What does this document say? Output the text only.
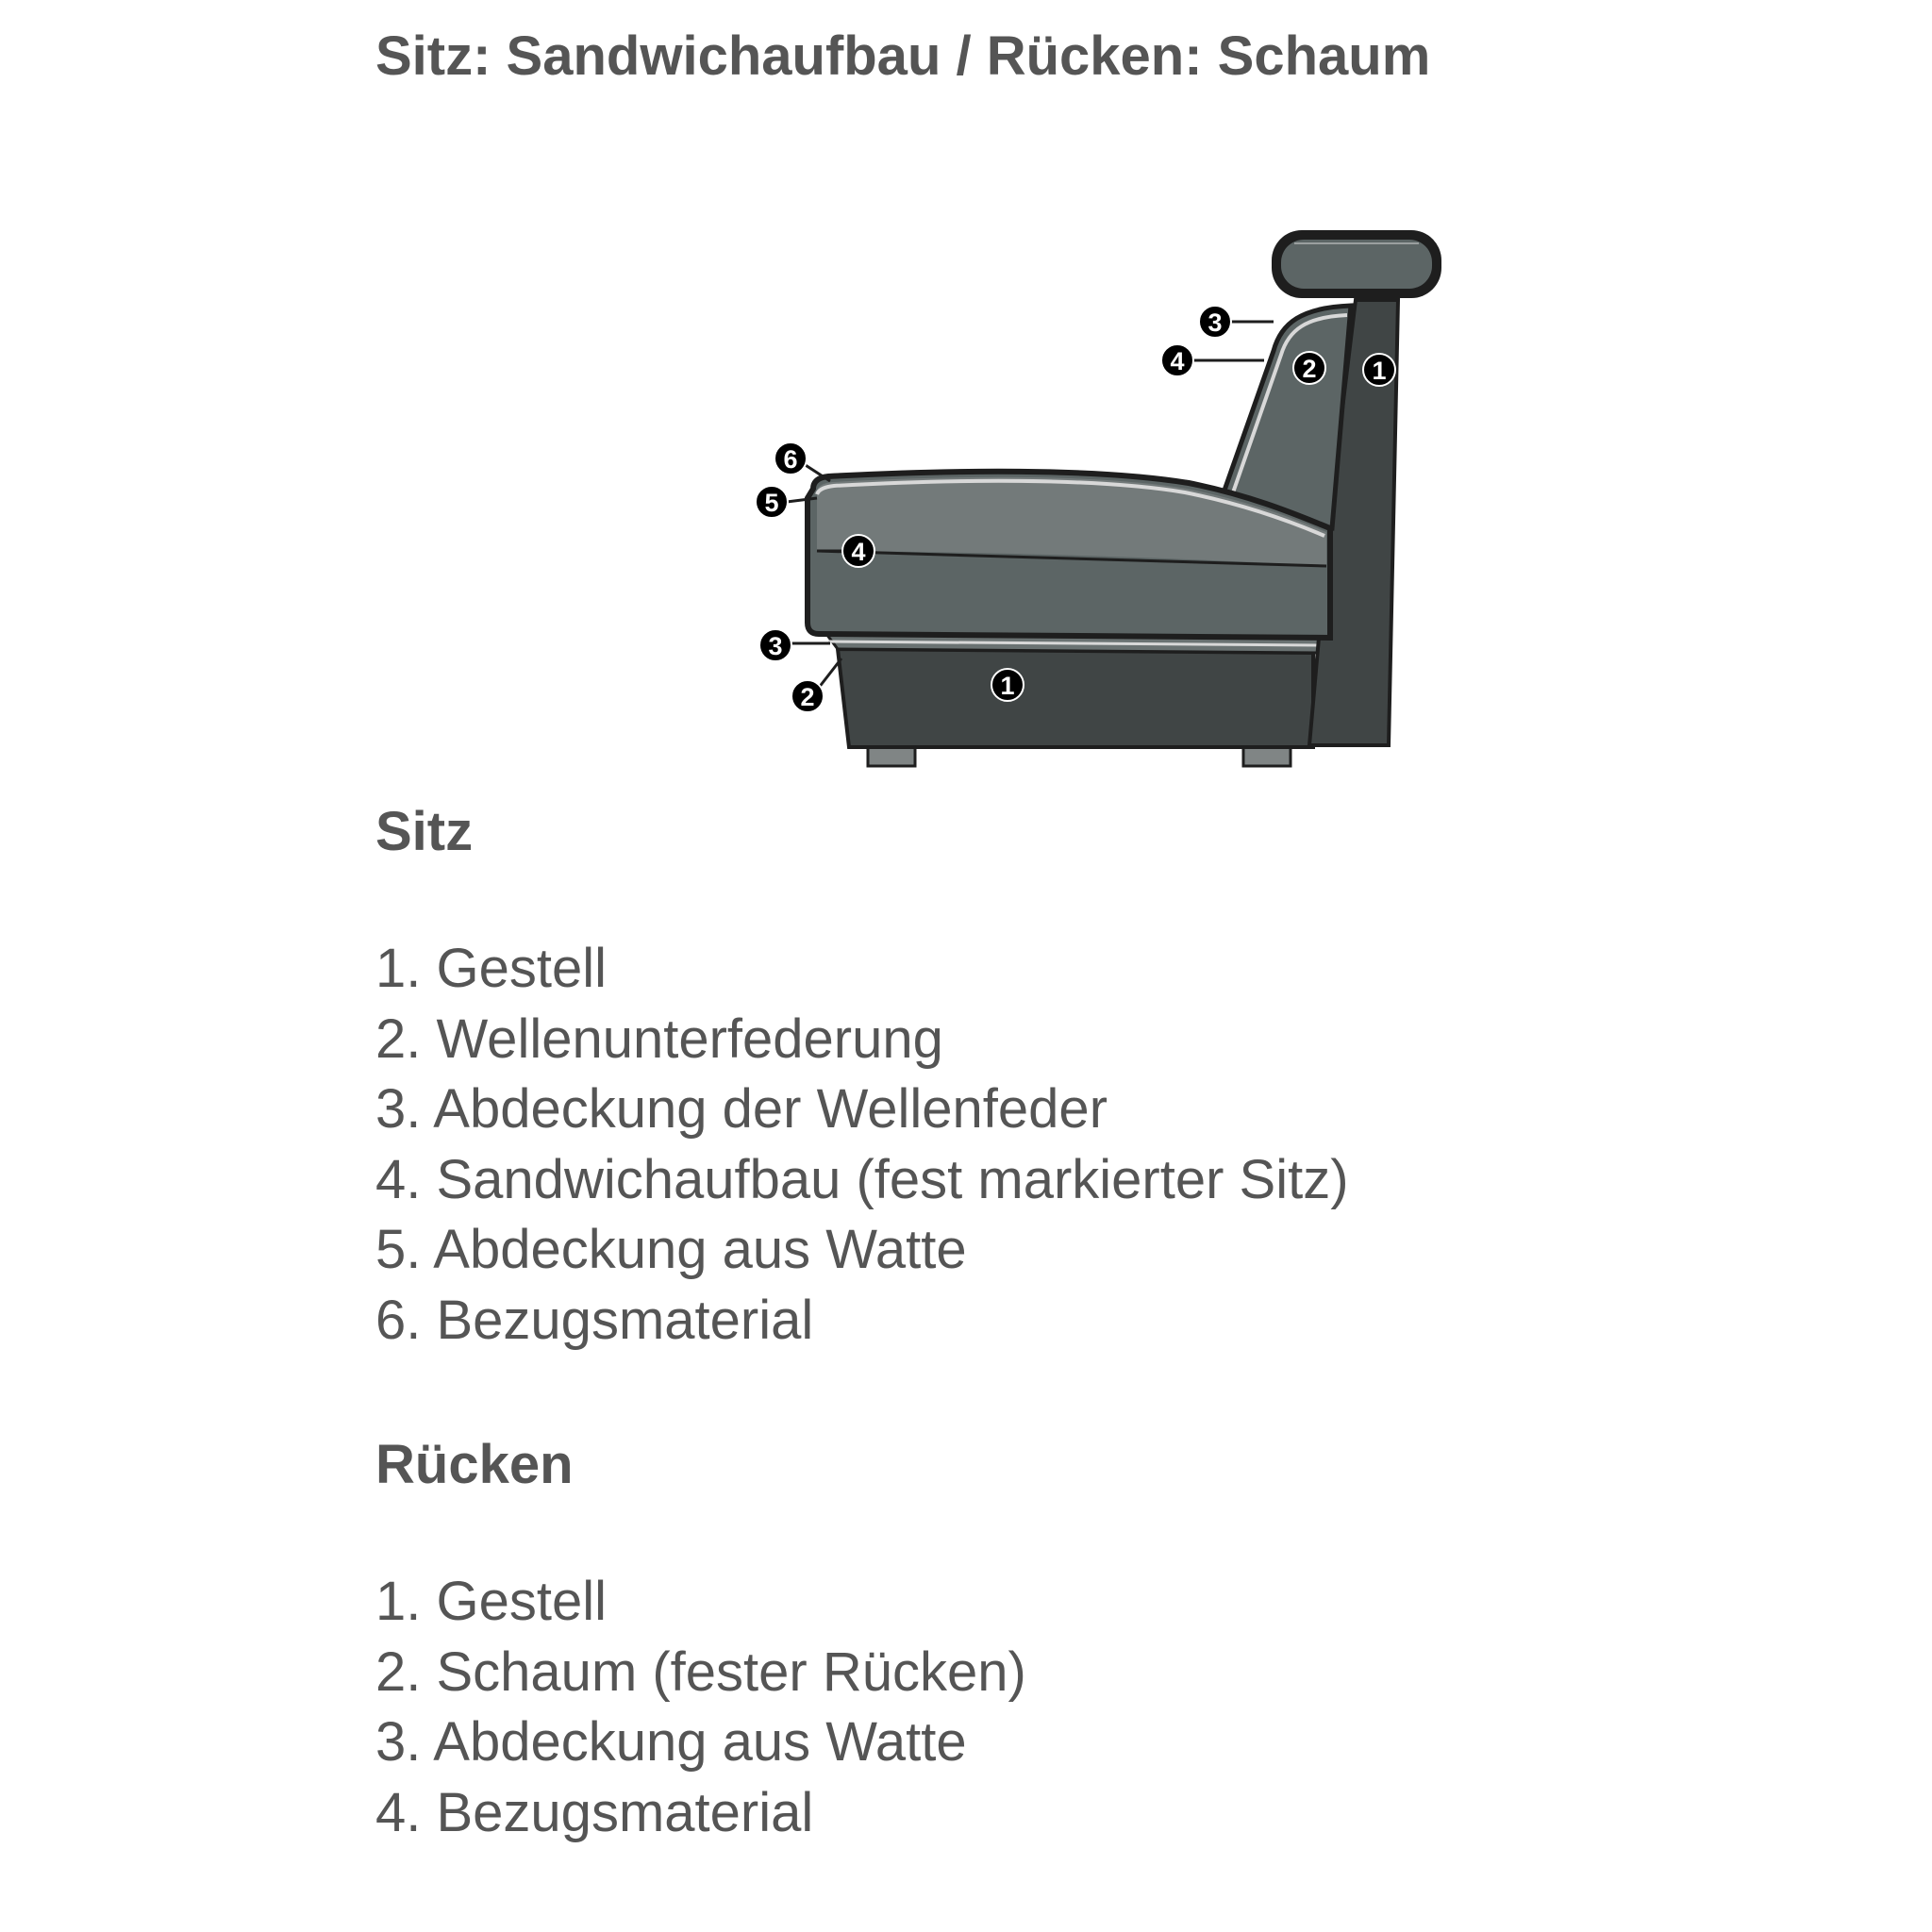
Sitz: Sandwichaufbau / Rücken: Schaum
1
2
3
4
6
5
4
3
2	1
Sitz
1. Gestell
2. Wellenunterfederung
3. Abdeckung der Wellenfeder
4. Sandwichaufbau (fest markierter Sitz)
5. Abdeckung aus Watte
6. Bezugsmaterial
Rücken
1. Gestell
2. Schaum (fester Rücken)
3. Abdeckung aus Watte
4. Bezugsmaterial
